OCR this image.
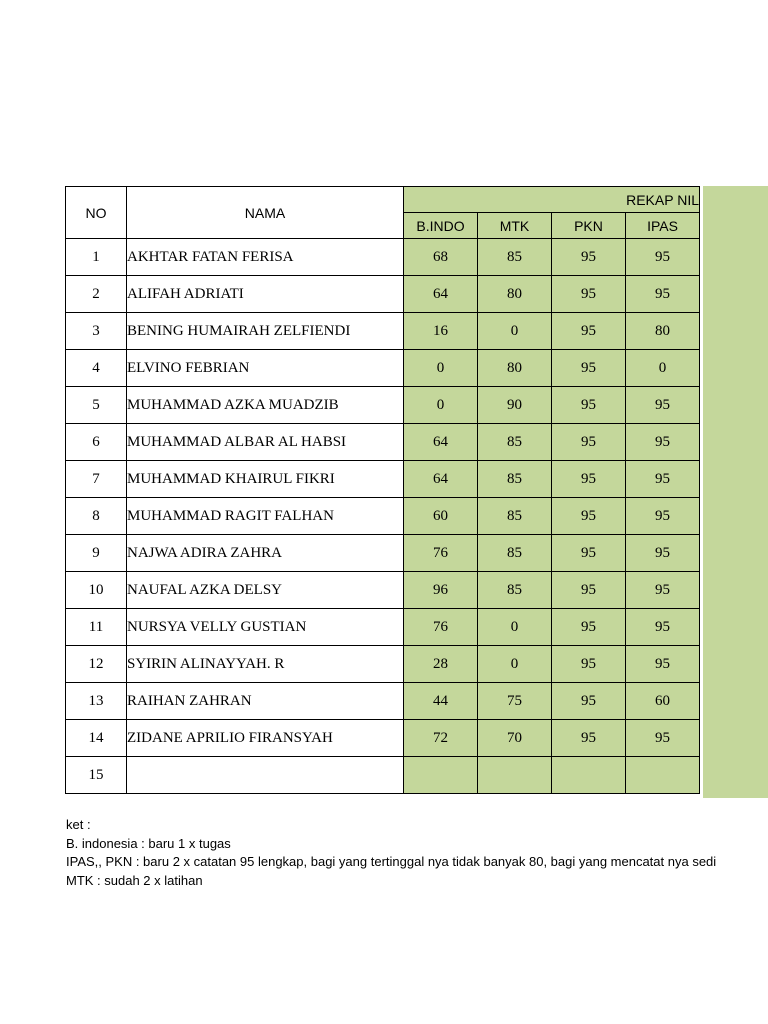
NO	NAMA	REKAP NIL			
		B.INDO	MTK	PKN	IPAS
1	AKHTAR FATAN FERISA	68	85	95	95
2	ALIFAH ADRIATI	64	80	95	95
3	BENING HUMAIRAH ZELFIENDI	16	0	95	80
4	ELVINO FEBRIAN	0	80	95	0
5	MUHAMMAD AZKA MUADZIB	0	90	95	95
6	MUHAMMAD ALBAR AL HABSI	64	85	95	95
7	MUHAMMAD KHAIRUL FIKRI	64	85	95	95
8	MUHAMMAD RAGIT FALHAN	60	85	95	95
9	NAJWA ADIRA ZAHRA	76	85	95	95
10	NAUFAL AZKA DELSY	96	85	95	95
11	NURSYA VELLY GUSTIAN	76	0	95	95
12	SYIRIN ALINAYYAH. R	28	0	95	95
13	RAIHAN ZAHRAN	44	75	95	60
14	ZIDANE APRILIO FIRANSYAH	72	70	95	95
15					
ket :
B. indonesia : baru 1 x tugas
IPAS,, PKN : baru 2 x catatan 95 lengkap, bagi yang tertinggal nya tidak banyak 80, bagi yang mencatat nya sedi
MTK : sudah 2 x latihan
